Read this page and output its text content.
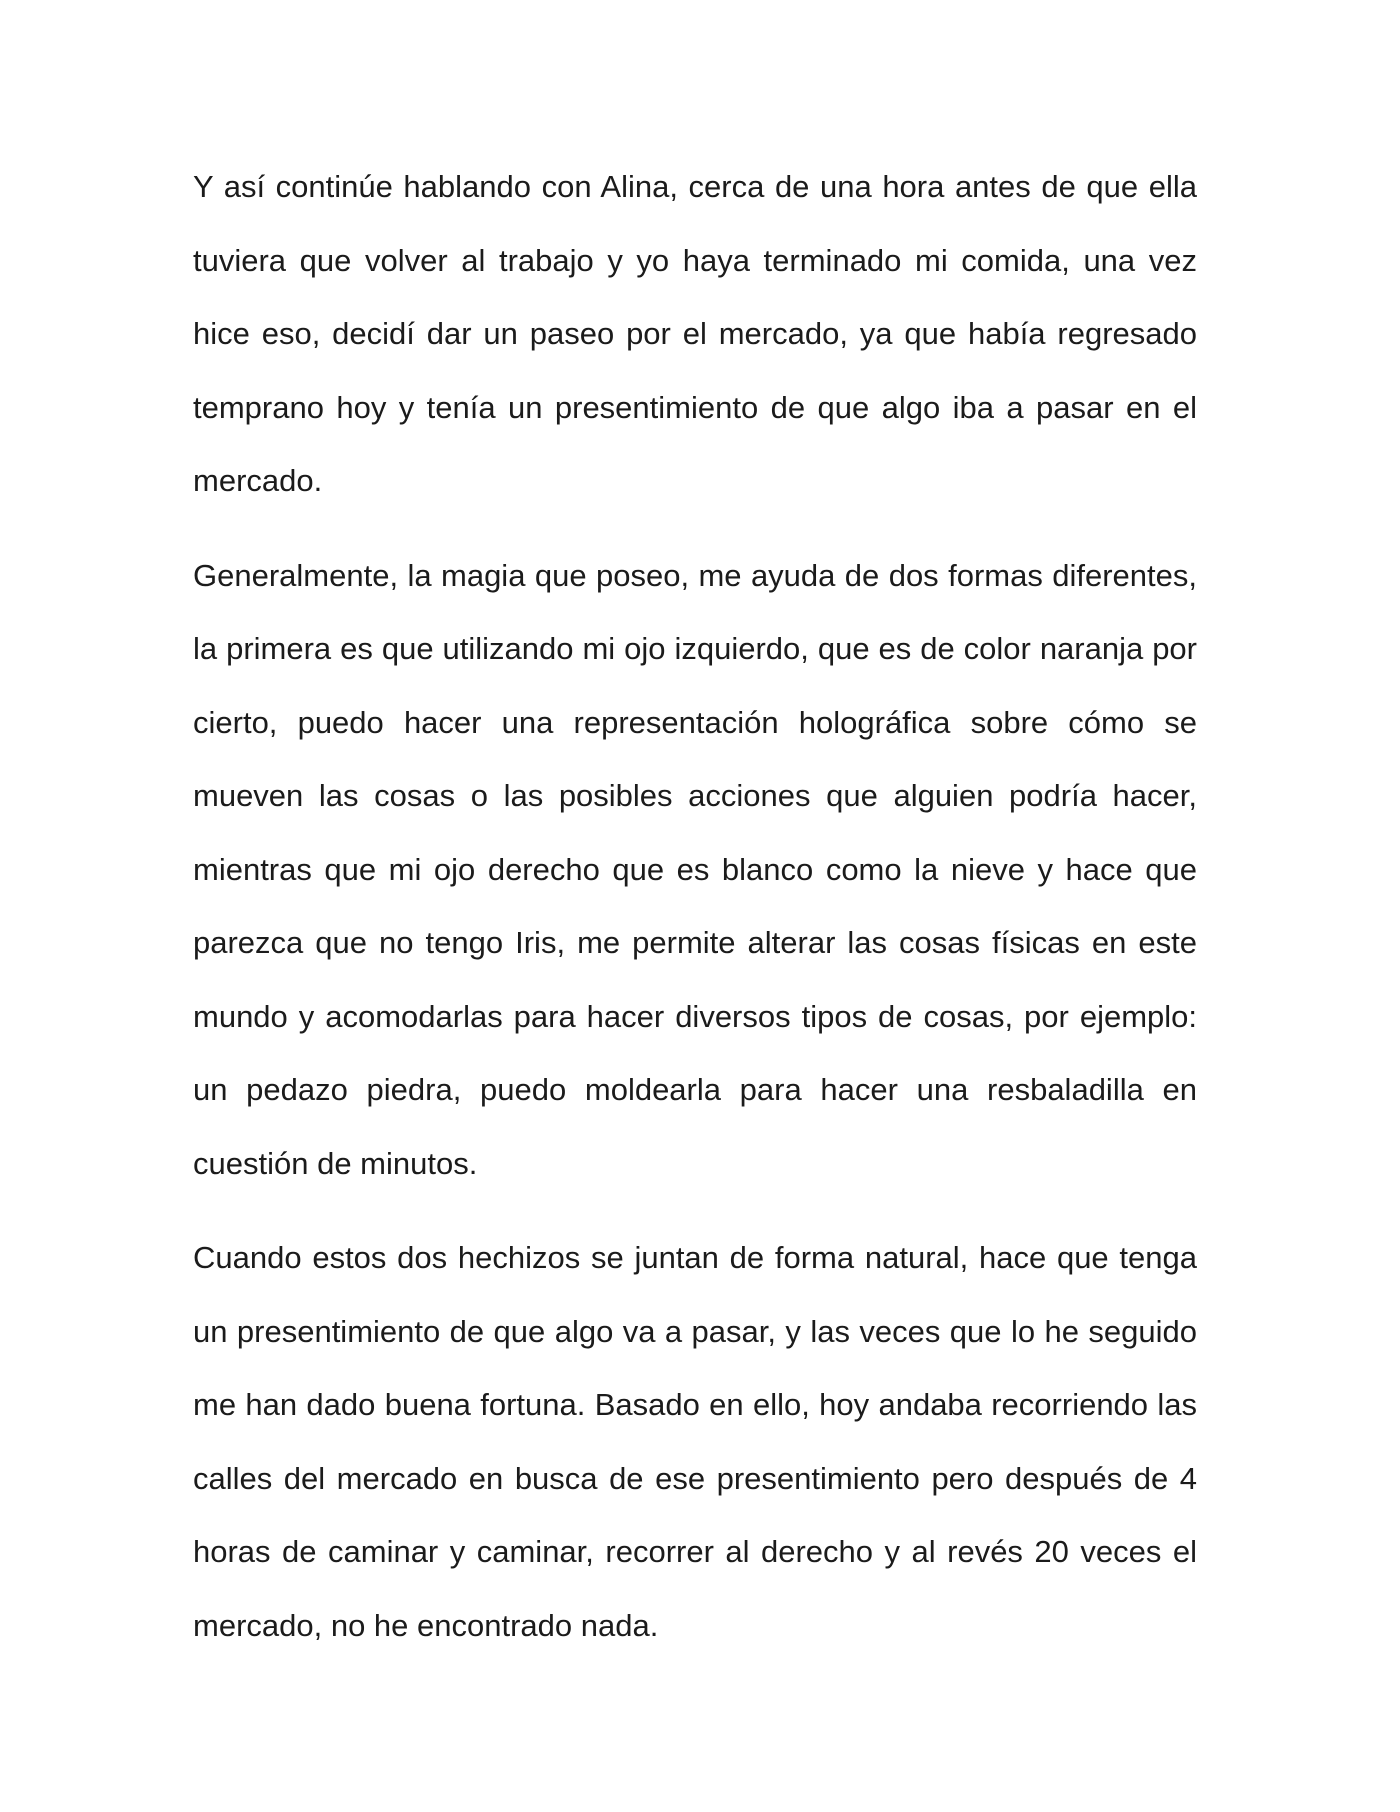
Y así continúe hablando con Alina, cerca de una hora antes de que ella tuviera que volver al trabajo y yo haya terminado mi comida, una vez hice eso, decidí dar un paseo por el mercado, ya que había regresado temprano hoy y tenía un presentimiento de que algo iba a pasar en el mercado.

Generalmente, la magia que poseo, me ayuda de dos formas diferentes, la primera es que utilizando mi ojo izquierdo, que es de color naranja por cierto, puedo hacer una representación holográfica sobre cómo se mueven las cosas o las posibles acciones que alguien podría hacer, mientras que mi ojo derecho que es blanco como la nieve y hace que parezca que no tengo Iris, me permite alterar las cosas físicas en este mundo y acomodarlas para hacer diversos tipos de cosas, por ejemplo: un pedazo piedra, puedo moldearla para hacer una resbaladilla en cuestión de minutos.

Cuando estos dos hechizos se juntan de forma natural, hace que tenga un presentimiento de que algo va a pasar, y las veces que lo he seguido me han dado buena fortuna. Basado en ello, hoy andaba recorriendo las calles del mercado en busca de ese presentimiento pero después de 4 horas de caminar y caminar, recorrer al derecho y al revés 20 veces el mercado, no he encontrado nada.
